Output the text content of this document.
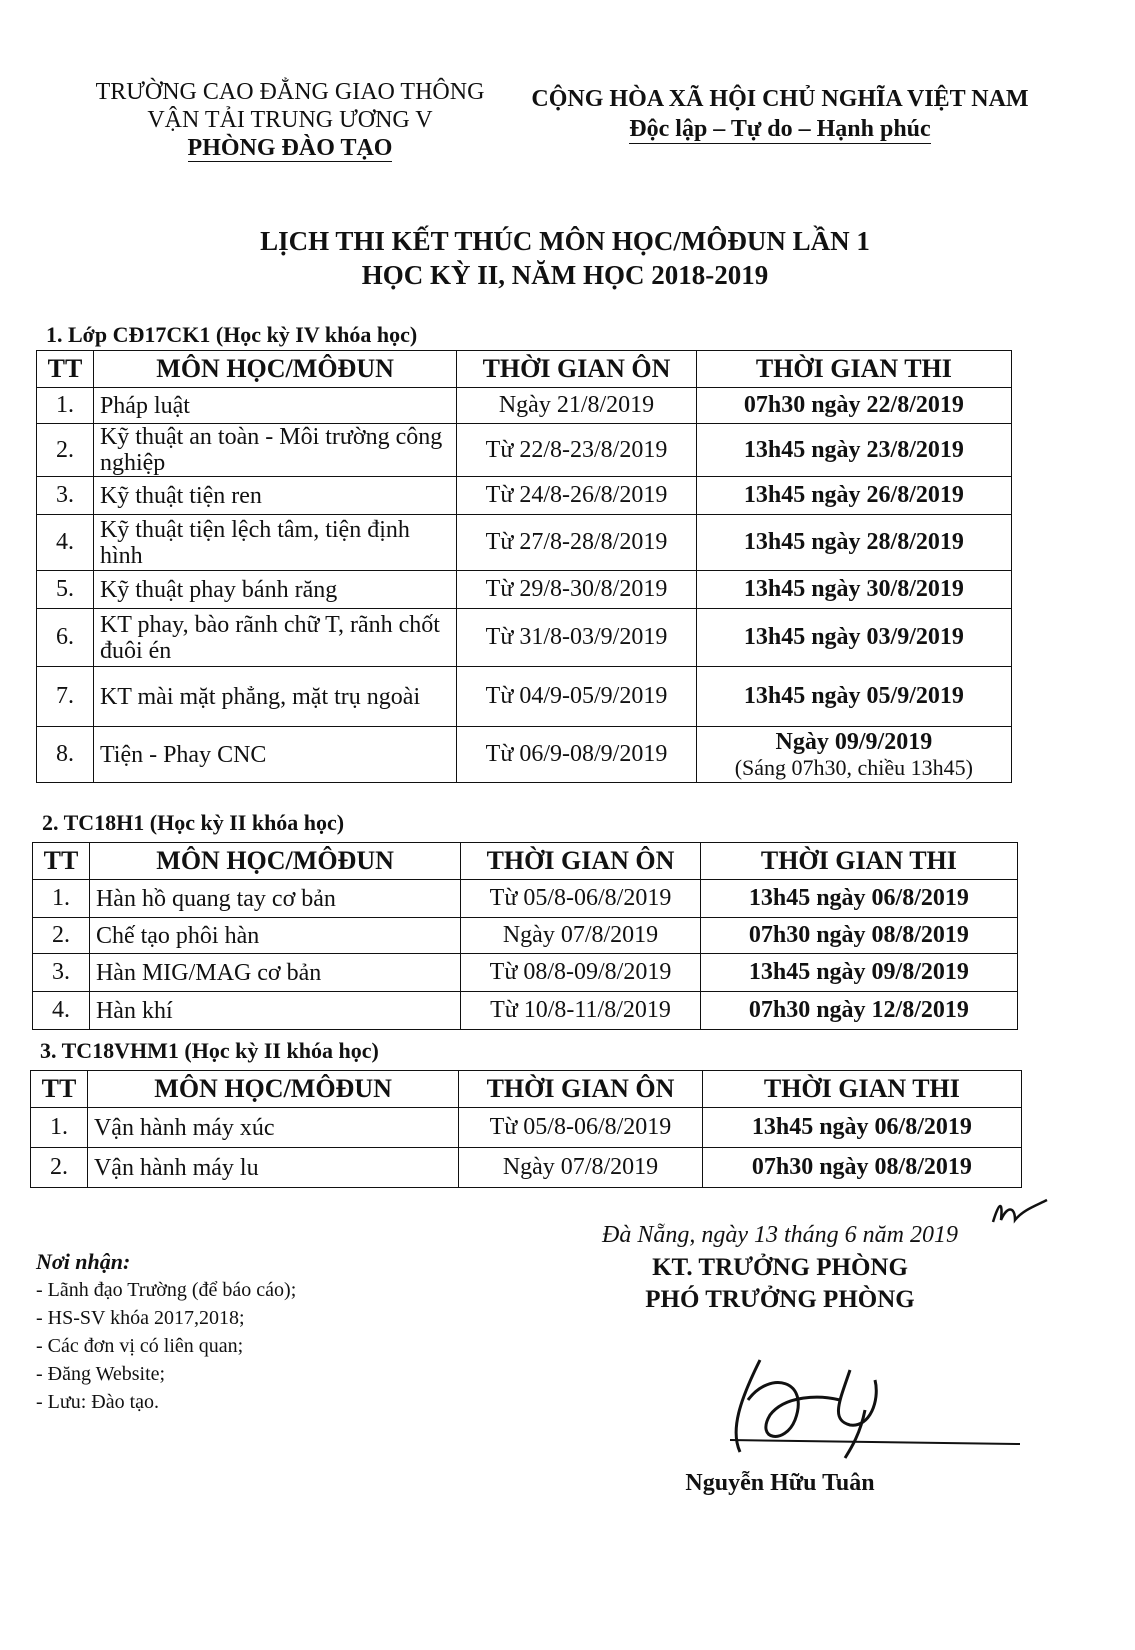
TRƯỜNG CAO ĐẲNG GIAO THÔNG
VẬN TẢI TRUNG ƯƠNG V
PHÒNG ĐÀO TẠO
CỘNG HÒA XÃ HỘI CHỦ NGHĨA VIỆT NAM
Độc lập – Tự do – Hạnh phúc
LỊCH THI KẾT THÚC MÔN HỌC/MÔĐUN LẦN 1
HỌC KỲ II, NĂM HỌC 2018-2019
1. Lớp CĐ17CK1 (Học kỳ IV khóa học)
2. TC18H1 (Học kỳ II khóa học)
3. TC18VHM1 (Học kỳ II khóa học)
TT	MÔN HỌC/MÔĐUN	THỜI GIAN ÔN	THỜI GIAN THI
1.	Pháp luật	Ngày 21/8/2019	07h30 ngày 22/8/2019
2.	Kỹ thuật an toàn - Môi trường công nghiệp	Từ 22/8-23/8/2019	13h45 ngày 23/8/2019
3.	Kỹ thuật tiện ren	Từ 24/8-26/8/2019	13h45 ngày 26/8/2019
4.	Kỹ thuật tiện lệch tâm, tiện định hình	Từ 27/8-28/8/2019	13h45 ngày 28/8/2019
5.	Kỹ thuật phay bánh răng	Từ 29/8-30/8/2019	13h45 ngày 30/8/2019
6.	KT phay, bào rãnh chữ T, rãnh chốt đuôi én	Từ 31/8-03/9/2019	13h45 ngày 03/9/2019
7.	KT mài mặt phẳng, mặt trụ ngoài	Từ 04/9-05/9/2019	13h45 ngày 05/9/2019
8.	Tiện - Phay CNC	Từ 06/9-08/9/2019	Ngày 09/9/2019
(Sáng 07h30, chiều 13h45)
TT	MÔN HỌC/MÔĐUN	THỜI GIAN ÔN	THỜI GIAN THI
1.	Hàn hồ quang tay cơ bản	Từ 05/8-06/8/2019	13h45 ngày 06/8/2019
2.	Chế tạo phôi hàn	Ngày 07/8/2019	07h30 ngày 08/8/2019
3.	Hàn MIG/MAG cơ bản	Từ 08/8-09/8/2019	13h45 ngày 09/8/2019
4.	Hàn khí	Từ 10/8-11/8/2019	07h30 ngày 12/8/2019
TT	MÔN HỌC/MÔĐUN	THỜI GIAN ÔN	THỜI GIAN THI
1.	Vận hành máy xúc	Từ 05/8-06/8/2019	13h45 ngày 06/8/2019
2.	Vận hành máy lu	Ngày 07/8/2019	07h30 ngày 08/8/2019
Đà Nẵng, ngày 13 tháng 6 năm 2019
KT. TRƯỞNG PHÒNG
PHÓ TRƯỞNG PHÒNG
Nguyễn Hữu Tuân
Nơi nhận:
- Lãnh đạo Trường (để báo cáo);
- HS-SV khóa 2017,2018;
- Các đơn vị có liên quan;
- Đăng Website;
- Lưu: Đào tạo.
